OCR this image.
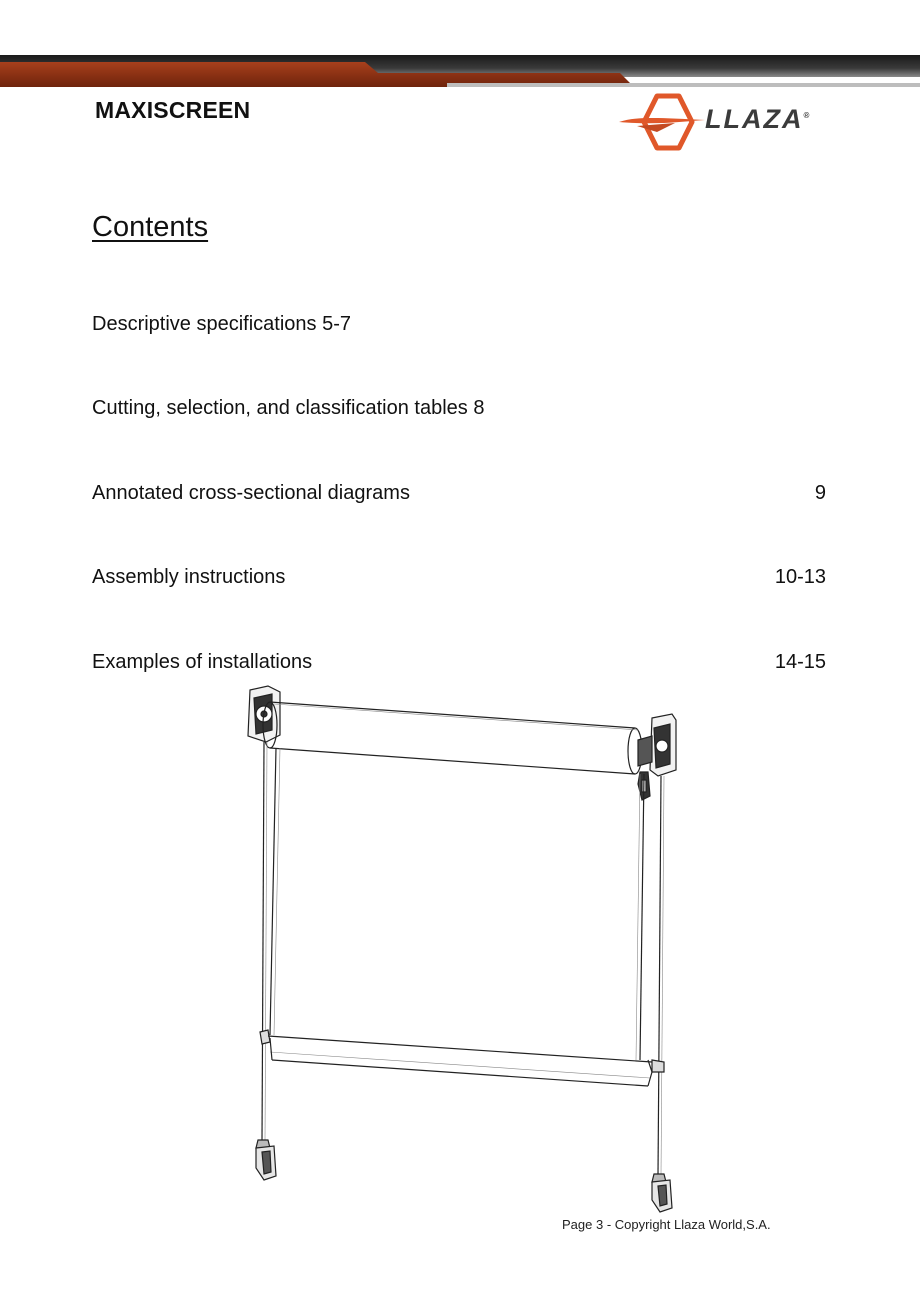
MAXISCREEN	LLAZA®
Contents
Descriptive specifications 5-7
Cutting, selection, and classification tables 8
Annotated cross-sectional diagrams	9
Assembly instructions	10-13
Examples of installations	14-15
Page 3 - Copyright Llaza World,S.A.
